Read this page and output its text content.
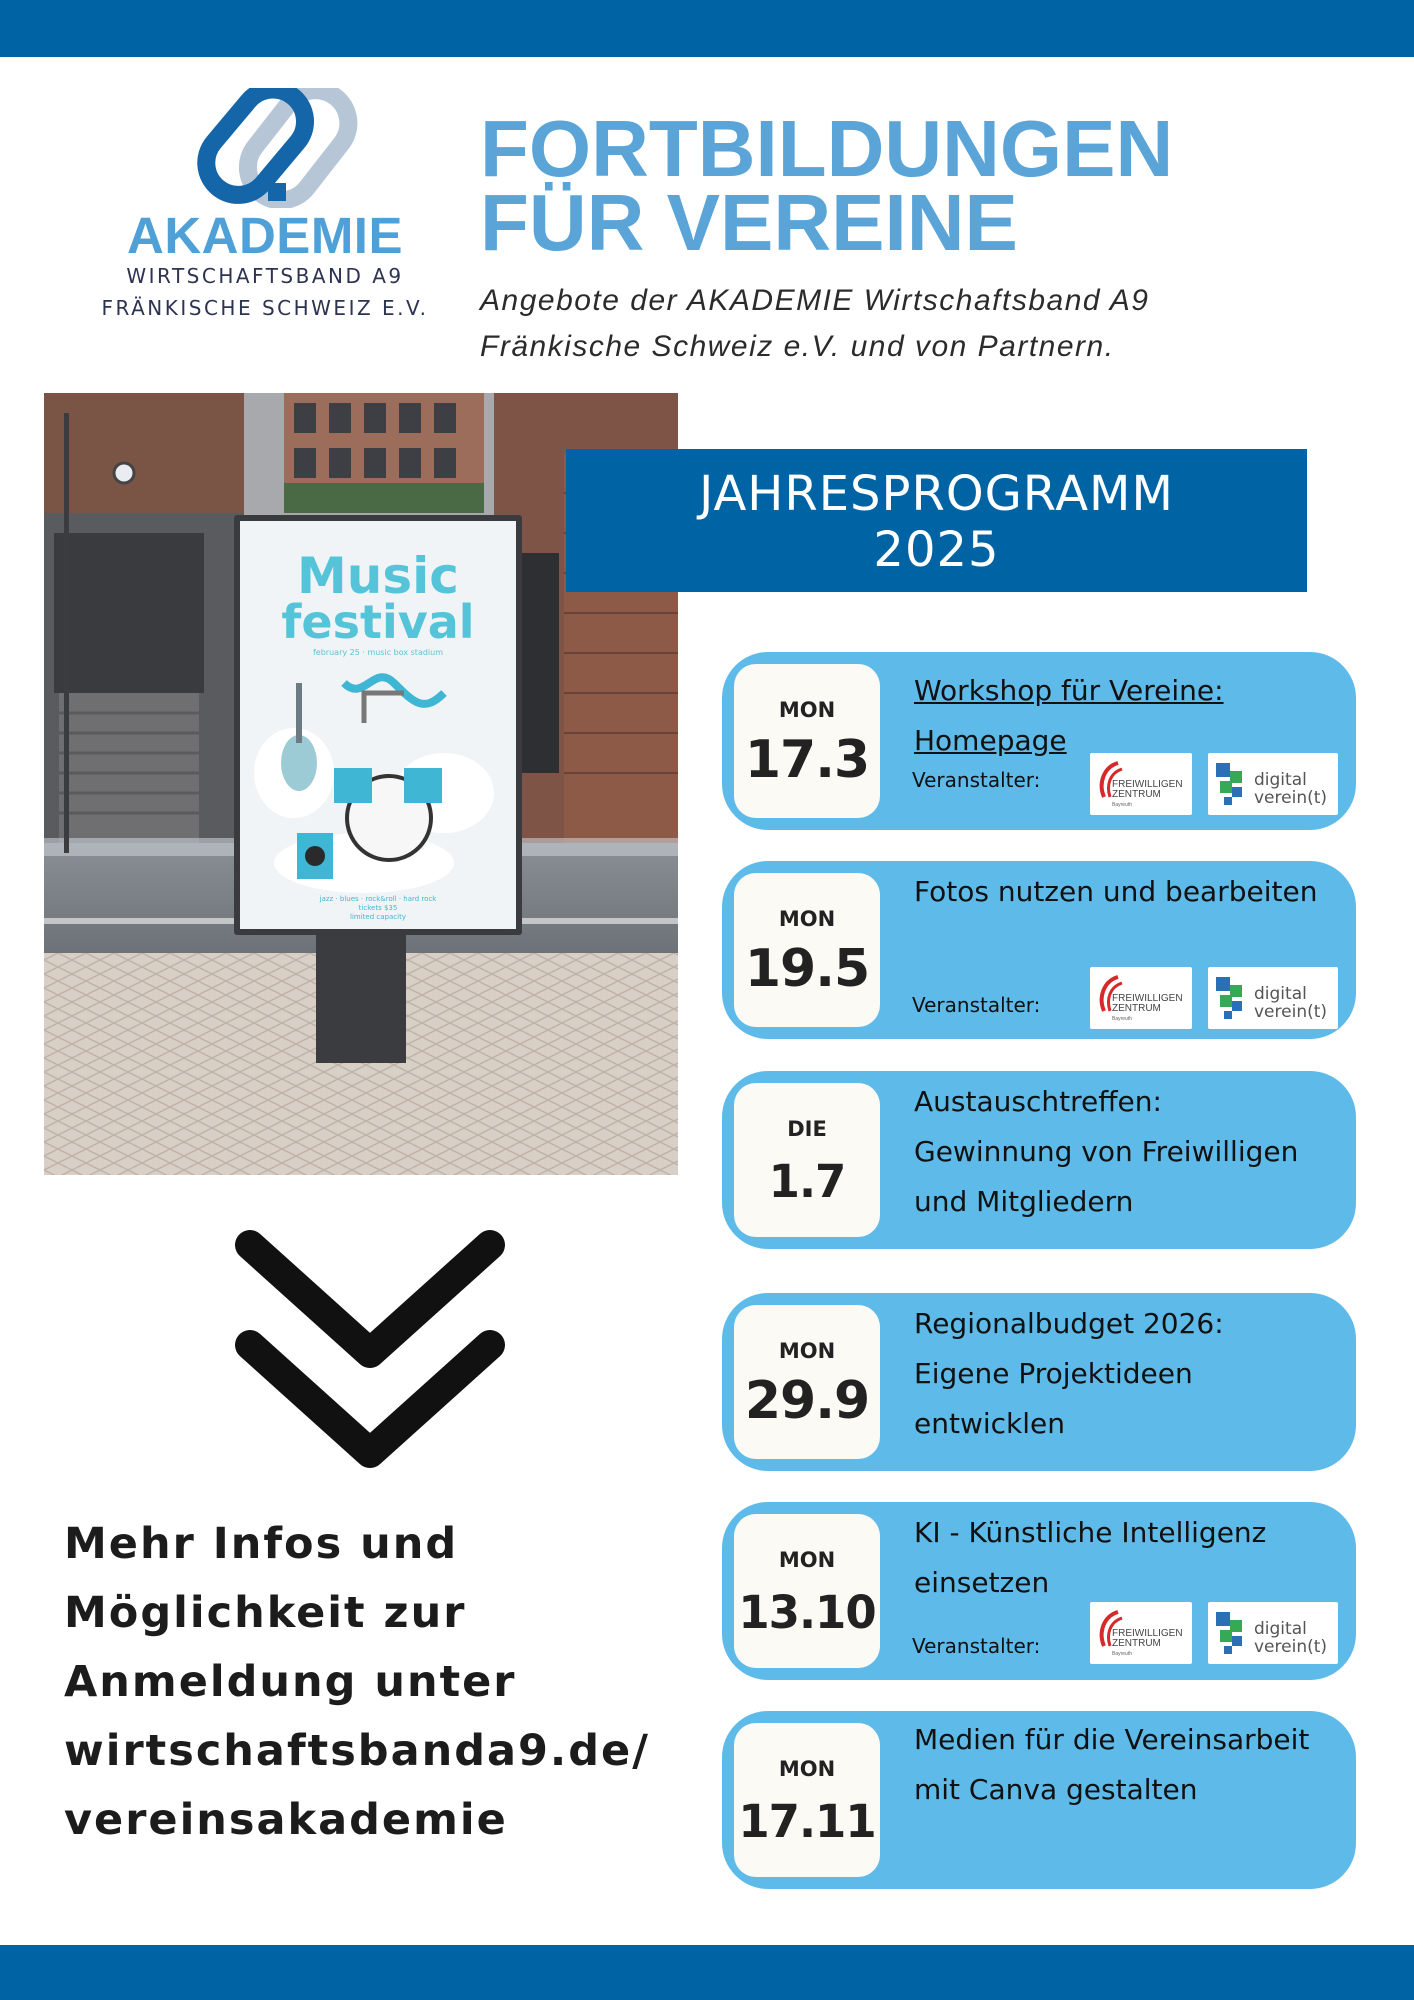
AKADEMIE
WIRTSCHAFTSBAND A9
FRÄNKISCHE SCHWEIZ E.V.
FORTBILDUNGEN
FÜR VEREINE
Angebote der AKADEMIE Wirtschaftsband A9
Fränkische Schweiz e.V. und von Partnern.
Music
festival
february 25 · music box stadium
jazz · blues · rock&roll · hard rock
tickets $35
limited capacity
JAHRESPROGRAMM
2025
MON
17.3
Workshop für Vereine:
Homepage
Veranstalter:	FREIWILLIGEN
ZENTRUM
Bayreuth
digital
verein(t)
MON
19.5
Fotos nutzen und bearbeiten
Veranstalter:	FREIWILLIGEN
ZENTRUM
Bayreuth
digital
verein(t)
DIE
1.7
Austauschtreffen:
Gewinnung von Freiwilligen
und Mitgliedern
MON
29.9
Regionalbudget 2026:
Eigene Projektideen
entwicklen
MON
13.10
KI - Künstliche Intelligenz
einsetzen
Veranstalter:
FREIWILLIGEN
ZENTRUM
Bayreuth
digital
verein(t)
MON
17.11
Medien für die Vereinsarbeit
mit Canva gestalten
Mehr Infos und
Möglichkeit zur
Anmeldung unter
wirtschaftsbanda9.de/
vereinsakademie
